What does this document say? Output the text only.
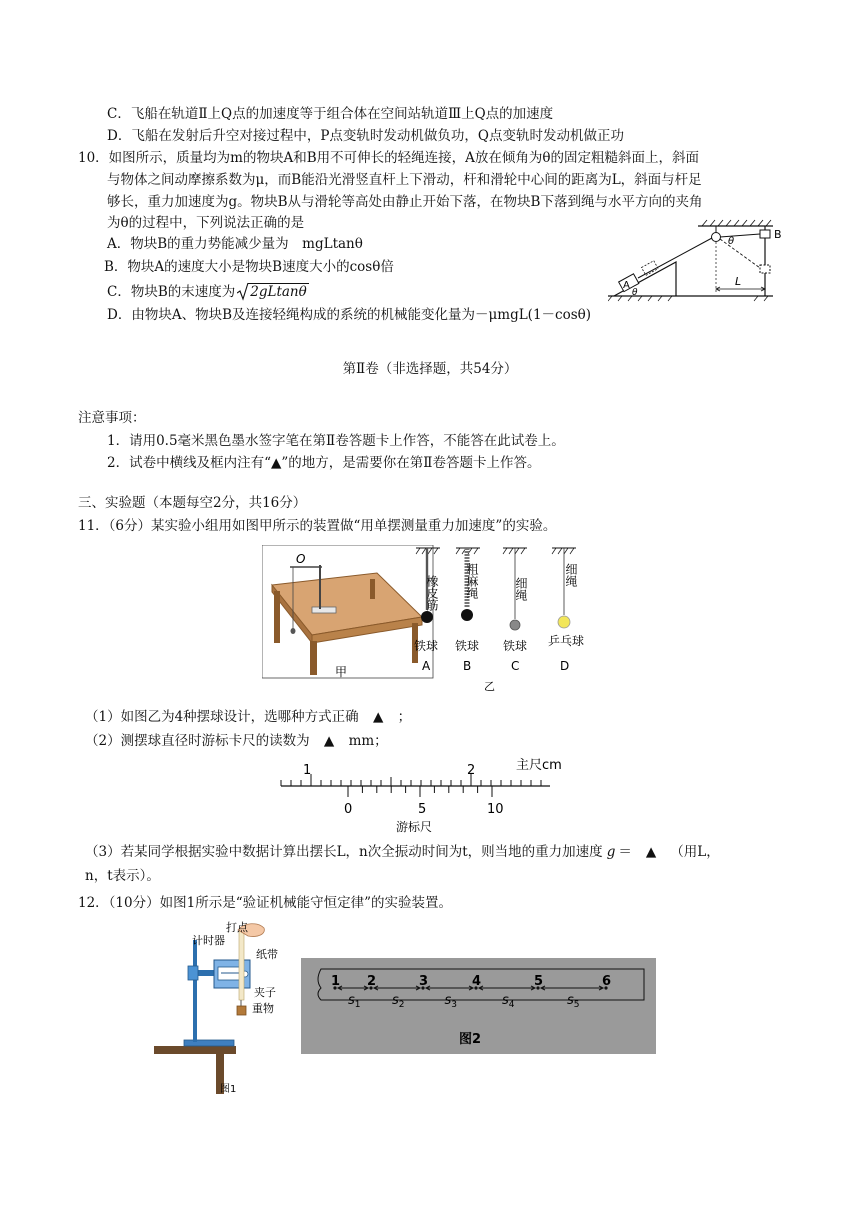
C．飞船在轨道Ⅱ上Q点的加速度等于组合体在空间站轨道Ⅲ上Q点的加速度
D．飞船在发射后升空对接过程中，P点变轨时发动机做负功，Q点变轨时发动机做正功
10．如图所示，质量均为m的物块A和B用不可伸长的轻绳连接，A放在倾角为θ的固定粗糙斜面上，斜面
与物体之间动摩擦系数为μ，而B能沿光滑竖直杆上下滑动，杆和滑轮中心间的距离为L，斜面与杆足
够长，重力加速度为g。物块B从与滑轮等高处由静止开始下落，在物块B下落到绳与水平方向的夹角
为θ的过程中，下列说法正确的是
A．物块B的重力势能减少量为　mgLtanθ
B．物块A的速度大小是物块B速度大小的cosθ倍
C．物块B的末速度为 2gLtanθ
D．由物块A、物块B及连接轻绳构成的系统的机械能变化量为－μmgL(1－cosθ)
B
θ
A
θ
L
第Ⅱ卷（非选择题，共54分）
注意事项：
1．请用0.5毫米黑色墨水签字笔在第Ⅱ卷答题卡上作答，不能答在此试卷上。
2．试卷中横线及框内注有“▲”的地方，是需要你在第Ⅱ卷答题卡上作答。
三、实验题（本题每空2分，共16分）
11．（6分）某实验小组用如图甲所示的装置做“用单摆测量重力加速度”的实验。
O
甲
橡皮筋 粗麻绳	细绳
细绳
铁球 铁球 铁球 乒乓球
A	B	C	D
乙
（1）如图乙为4种摆球设计，选哪种方式正确 ▲ ；
（2）测摆球直径时游标卡尺的读数为 ▲ mm；
1	2	主尺cm
0	5	10
游标尺
（3）若某同学根据实验中数据计算出摆长L，n次全振动时间为t，则当地的重力加速度 g ＝ ▲ （用L，
n，t表示）。
12．（10分）如图1所示是“验证机械能守恒定律”的实验装置。
打点
计时器
纸带
夹子
重物
图1
1 2	3	4	5	6
$s_1$ $s_2$	$s_3$	$s_4$	$s_5$
图2
